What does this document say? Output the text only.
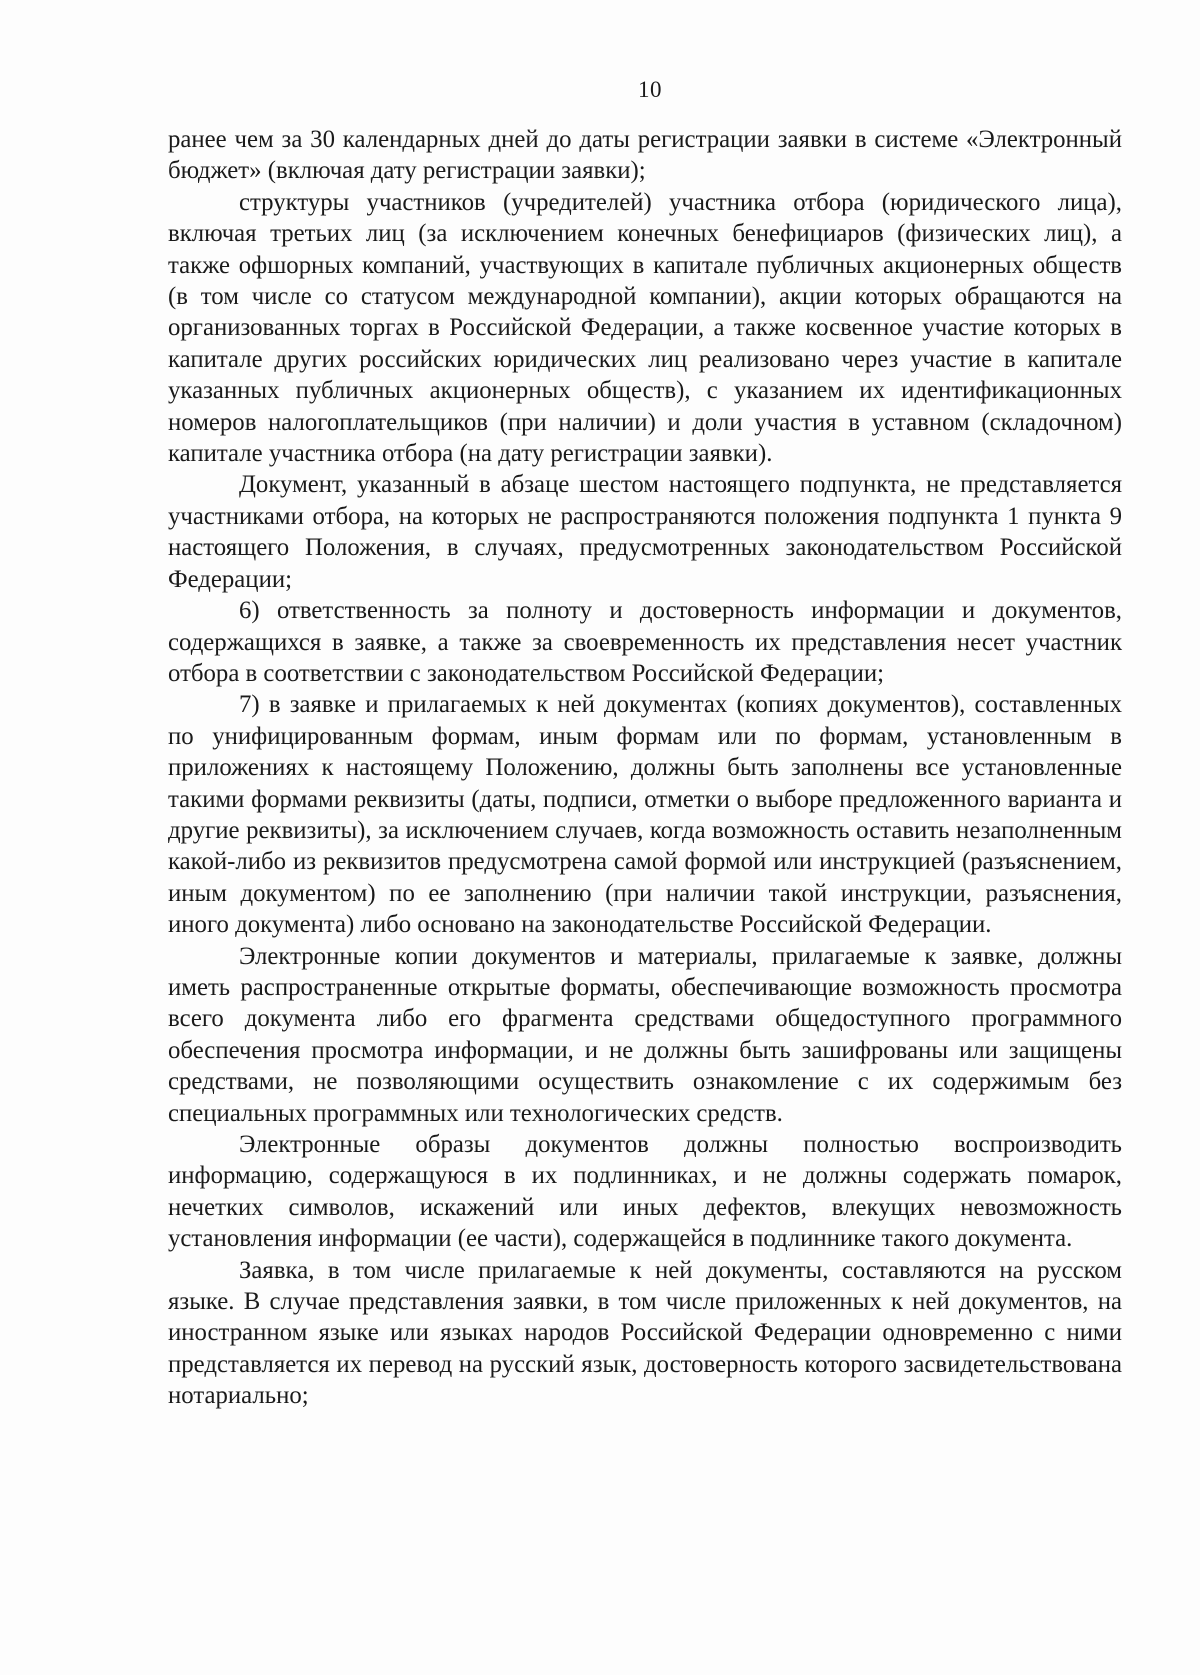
10

ранее чем за 30 календарных дней до даты регистрации заявки в системе «Электронный бюджет» (включая дату регистрации заявки);

структуры участников (учредителей) участника отбора (юридического лица), включая третьих лиц (за исключением конечных бенефициаров (физических лиц), а также офшорных компаний, участвующих в капитале публичных акционерных обществ (в том числе со статусом международной компании), акции которых обращаются на организованных торгах в Российской Федерации, а также косвенное участие которых в капитале других российских юридических лиц реализовано через участие в капитале указанных публичных акционерных обществ), с указанием их идентификационных номеров налогоплательщиков (при наличии) и доли участия в уставном (складочном) капитале участника отбора (на дату регистрации заявки).

Документ, указанный в абзаце шестом настоящего подпункта, не представляется участниками отбора, на которых не распространяются положения подпункта 1 пункта 9 настоящего Положения, в случаях, предусмотренных законодательством Российской Федерации;

6) ответственность за полноту и достоверность информации и документов, содержащихся в заявке, а также за своевременность их представления несет участник отбора в соответствии с законодательством Российской Федерации;

7) в заявке и прилагаемых к ней документах (копиях документов), составленных по унифицированным формам, иным формам или по формам, установленным в приложениях к настоящему Положению, должны быть заполнены все установленные такими формами реквизиты (даты, подписи, отметки о выборе предложенного варианта и другие реквизиты), за исключением случаев, когда возможность оставить незаполненным какой-либо из реквизитов предусмотрена самой формой или инструкцией (разъяснением, иным документом) по ее заполнению (при наличии такой инструкции, разъяснения, иного документа) либо основано на законодательстве Российской Федерации.

Электронные копии документов и материалы, прилагаемые к заявке, должны иметь распространенные открытые форматы, обеспечивающие возможность просмотра всего документа либо его фрагмента средствами общедоступного программного обеспечения просмотра информации, и не должны быть зашифрованы или защищены средствами, не позволяющими осуществить ознакомление с их содержимым без специальных программных или технологических средств.

Электронные образы документов должны полностью воспроизводить информацию, содержащуюся в их подлинниках, и не должны содержать помарок, нечетких символов, искажений или иных дефектов, влекущих невозможность установления информации (ее части), содержащейся в подлиннике такого документа.

Заявка, в том числе прилагаемые к ней документы, составляются на русском языке. В случае представления заявки, в том числе приложенных к ней документов, на иностранном языке или языках народов Российской Федерации одновременно с ними представляется их перевод на русский язык, достоверность которого засвидетельствована нотариально;
